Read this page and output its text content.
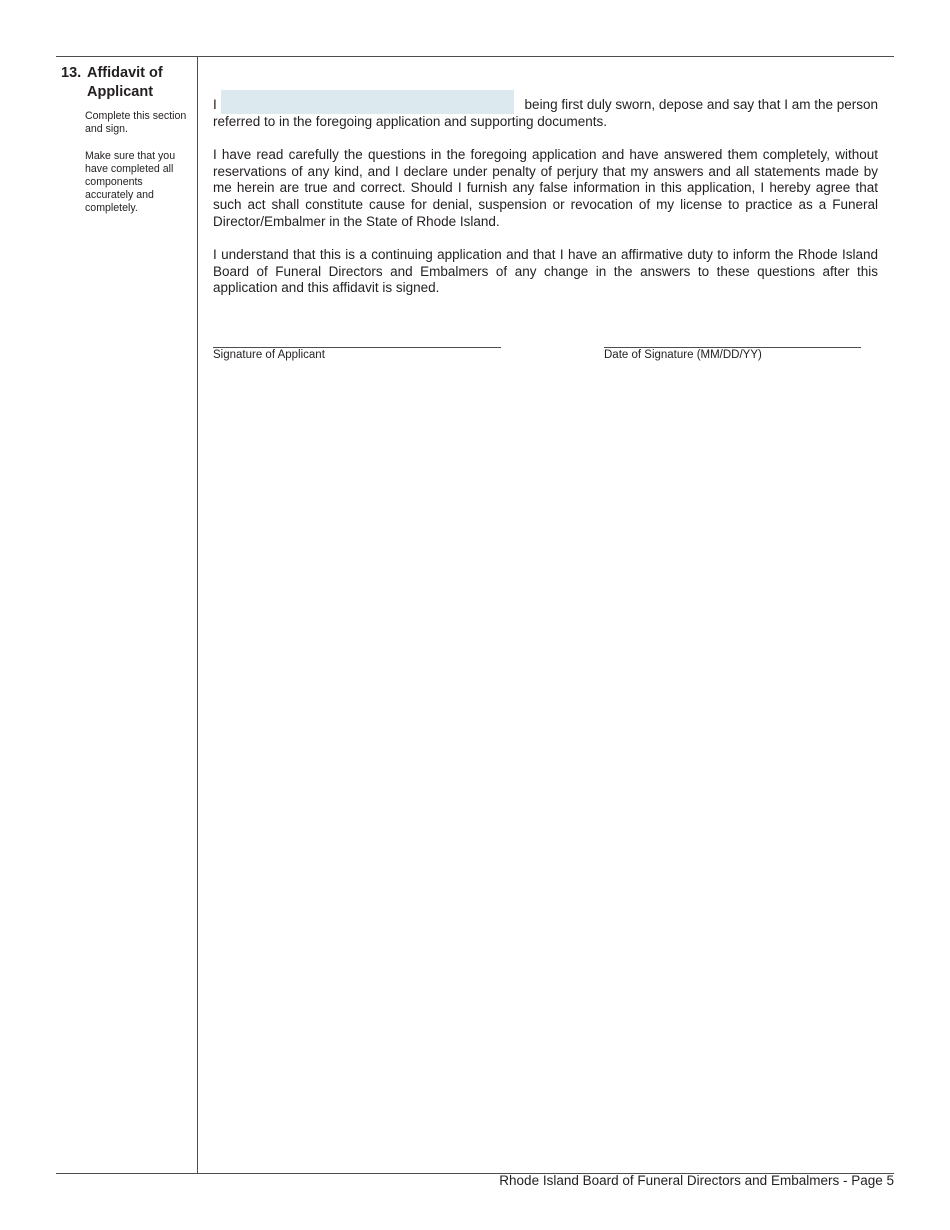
13. Affidavit of Applicant
Complete this section and sign.
Make sure that you have completed all components accurately and completely.
I	being first duly sworn, depose and say that I am the person
referred to in the foregoing application and supporting documents.

I have read carefully the questions in the foregoing application and have answered them completely, without reservations of any kind, and I declare under penalty of perjury that my answers and all statements made by me herein are true and correct. Should I furnish any false information in this application, I hereby agree that such act shall constitute cause for denial, suspension or revocation of my license to practice as a Funeral Director/Embalmer in the State of Rhode Island.

I understand that this is a continuing application and that I have an affirmative duty to inform the Rhode Island Board of Funeral Directors and Embalmers of any change in the answers to these questions after this application and this affidavit is signed.

Signature of Applicant	Date of Signature (MM/DD/YY)
Rhode Island Board of Funeral Directors and Embalmers - Page 5
